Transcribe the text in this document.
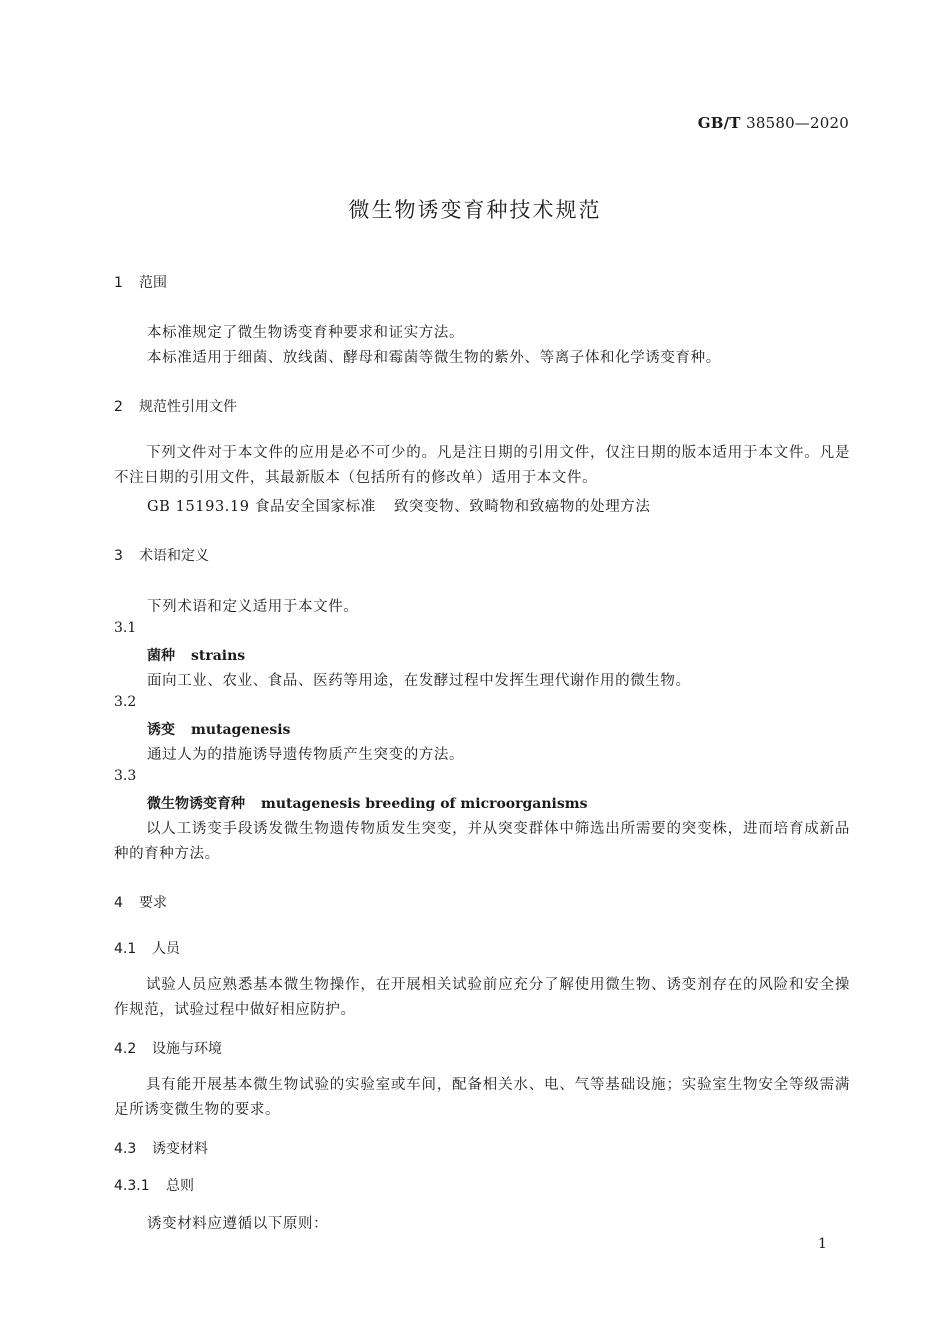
GB/T 38580—2020
微生物诱变育种技术规范
1 范围
本标准规定了微生物诱变育种要求和证实方法。
本标准适用于细菌、放线菌、酵母和霉菌等微生物的紫外、等离子体和化学诱变育种。
2 规范性引用文件
下列文件对于本文件的应用是必不可少的。凡是注日期的引用文件，仅注日期的版本适用于本文件。凡是不注日期的引用文件，其最新版本（包括所有的修改单）适用于本文件。
GB 15193.19 食品安全国家标准 致突变物、致畸物和致癌物的处理方法
3 术语和定义
下列术语和定义适用于本文件。
3.1
菌种 strains
面向工业、农业、食品、医药等用途，在发酵过程中发挥生理代谢作用的微生物。
3.2
诱变 mutagenesis
通过人为的措施诱导遗传物质产生突变的方法。
3.3
微生物诱变育种 mutagenesis breeding of microorganisms
以人工诱变手段诱发微生物遗传物质发生突变，并从突变群体中筛选出所需要的突变株，进而培育成新品种的育种方法。
4 要求
4.1 人员
试验人员应熟悉基本微生物操作，在开展相关试验前应充分了解使用微生物、诱变剂存在的风险和安全操作规范，试验过程中做好相应防护。
4.2 设施与环境
具有能开展基本微生物试验的实验室或车间，配备相关水、电、气等基础设施；实验室生物安全等级需满足所诱变微生物的要求。
4.3 诱变材料
4.3.1 总则
诱变材料应遵循以下原则：
1
